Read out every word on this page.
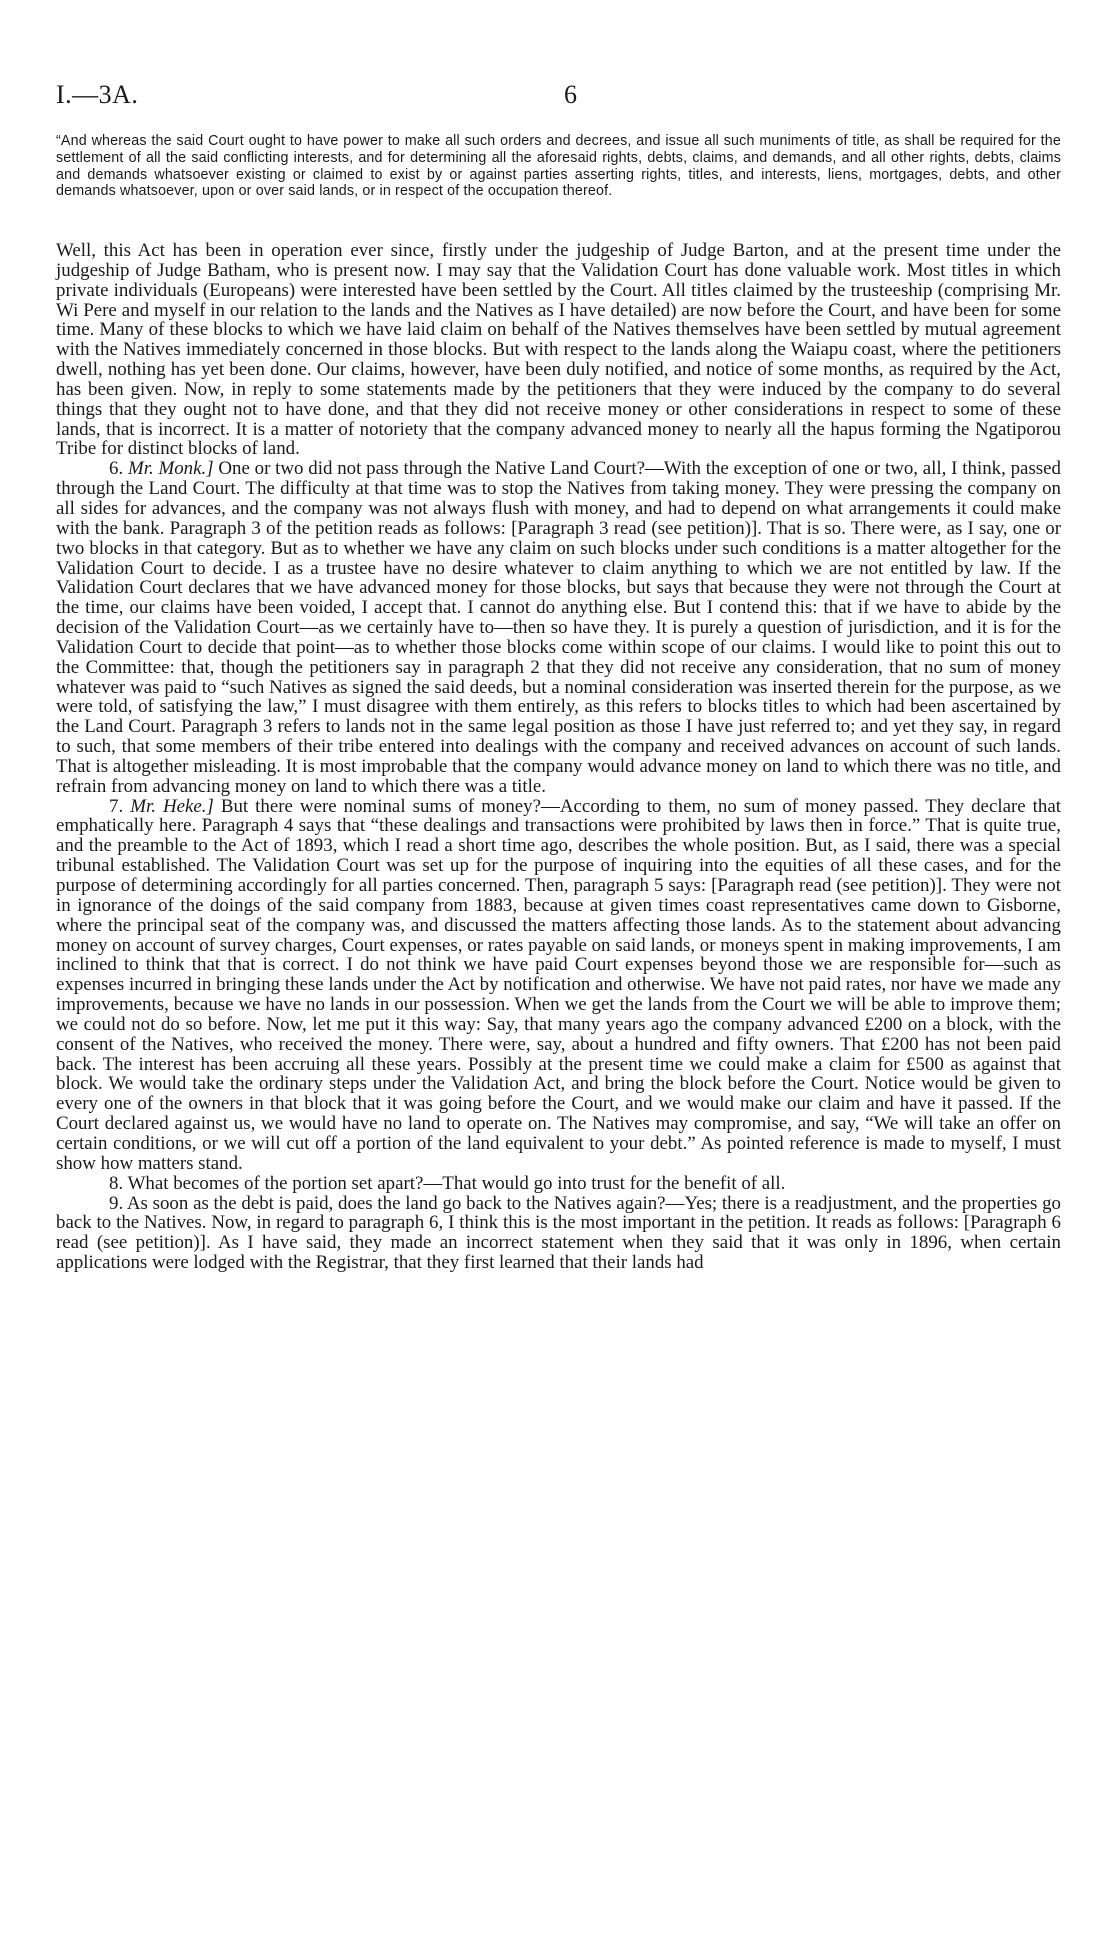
I.—3A.	6
“And whereas the said Court ought to have power to make all such orders and decrees, and issue all such muniments of title, as shall be required for the settlement of all the said conflicting interests, and for determining all the aforesaid rights, debts, claims, and demands, and all other rights, debts, claims and demands whatsoever existing or claimed to exist by or against parties asserting rights, titles, and interests, liens, mortgages, debts, and other demands whatsoever, upon or over said lands, or in respect of the occupation thereof.

Well, this Act has been in operation ever since, firstly under the judgeship of Judge Barton, and at the present time under the judgeship of Judge Batham, who is present now. I may say that the Validation Court has done valuable work. Most titles in which private individuals (Europeans) were interested have been settled by the Court. All titles claimed by the trusteeship (comprising Mr. Wi Pere and myself in our relation to the lands and the Natives as I have detailed) are now before the Court, and have been for some time. Many of these blocks to which we have laid claim on behalf of the Natives themselves have been settled by mutual agreement with the Natives immediately concerned in those blocks. But with respect to the lands along the Waiapu coast, where the petitioners dwell, nothing has yet been done. Our claims, however, have been duly notified, and notice of some months, as required by the Act, has been given. Now, in reply to some statements made by the petitioners that they were induced by the company to do several things that they ought not to have done, and that they did not receive money or other considerations in respect to some of these lands, that is incorrect. It is a matter of notoriety that the company advanced money to nearly all the hapus forming the Ngatiporou Tribe for distinct blocks of land.

6. Mr. Monk.] One or two did not pass through the Native Land Court?—With the exception of one or two, all, I think, passed through the Land Court. The difficulty at that time was to stop the Natives from taking money. They were pressing the company on all sides for advances, and the company was not always flush with money, and had to depend on what arrangements it could make with the bank. Paragraph 3 of the petition reads as follows: [Paragraph 3 read (see petition)]. That is so. There were, as I say, one or two blocks in that category. But as to whether we have any claim on such blocks under such conditions is a matter altogether for the Validation Court to decide. I as a trustee have no desire whatever to claim anything to which we are not entitled by law. If the Validation Court declares that we have advanced money for those blocks, but says that because they were not through the Court at the time, our claims have been voided, I accept that. I cannot do anything else. But I contend this: that if we have to abide by the decision of the Validation Court—as we certainly have to—then so have they. It is purely a question of jurisdiction, and it is for the Validation Court to decide that point—as to whether those blocks come within scope of our claims. I would like to point this out to the Committee: that, though the petitioners say in paragraph 2 that they did not receive any consideration, that no sum of money whatever was paid to “such Natives as signed the said deeds, but a nominal consideration was inserted therein for the purpose, as we were told, of satisfying the law,” I must disagree with them entirely, as this refers to blocks titles to which had been ascertained by the Land Court. Paragraph 3 refers to lands not in the same legal position as those I have just referred to; and yet they say, in regard to such, that some members of their tribe entered into dealings with the company and received advances on account of such lands. That is altogether misleading. It is most improbable that the company would advance money on land to which there was no title, and refrain from advancing money on land to which there was a title.

7. Mr. Heke.] But there were nominal sums of money?—According to them, no sum of money passed. They declare that emphatically here. Paragraph 4 says that “these dealings and transactions were prohibited by laws then in force.” That is quite true, and the preamble to the Act of 1893, which I read a short time ago, describes the whole position. But, as I said, there was a special tribunal established. The Validation Court was set up for the purpose of inquiring into the equities of all these cases, and for the purpose of determining accordingly for all parties concerned. Then, paragraph 5 says: [Paragraph read (see petition)]. They were not in ignorance of the doings of the said company from 1883, because at given times coast representatives came down to Gisborne, where the principal seat of the company was, and discussed the matters affecting those lands. As to the statement about advancing money on account of survey charges, Court expenses, or rates payable on said lands, or moneys spent in making improvements, I am inclined to think that that is correct. I do not think we have paid Court expenses beyond those we are responsible for—such as expenses incurred in bringing these lands under the Act by notification and otherwise. We have not paid rates, nor have we made any improvements, because we have no lands in our possession. When we get the lands from the Court we will be able to improve them; we could not do so before. Now, let me put it this way: Say, that many years ago the company advanced £200 on a block, with the consent of the Natives, who received the money. There were, say, about a hundred and fifty owners. That £200 has not been paid back. The interest has been accruing all these years. Possibly at the present time we could make a claim for £500 as against that block. We would take the ordinary steps under the Validation Act, and bring the block before the Court. Notice would be given to every one of the owners in that block that it was going before the Court, and we would make our claim and have it passed. If the Court declared against us, we would have no land to operate on. The Natives may compromise, and say, “We will take an offer on certain conditions, or we will cut off a portion of the land equivalent to your debt.” As pointed reference is made to myself, I must show how matters stand.

8. What becomes of the portion set apart?—That would go into trust for the benefit of all.

9. As soon as the debt is paid, does the land go back to the Natives again?—Yes; there is a readjustment, and the properties go back to the Natives. Now, in regard to paragraph 6, I think this is the most important in the petition. It reads as follows: [Paragraph 6 read (see petition)]. As I have said, they made an incorrect statement when they said that it was only in 1896, when certain applications were lodged with the Registrar, that they first learned that their lands had
